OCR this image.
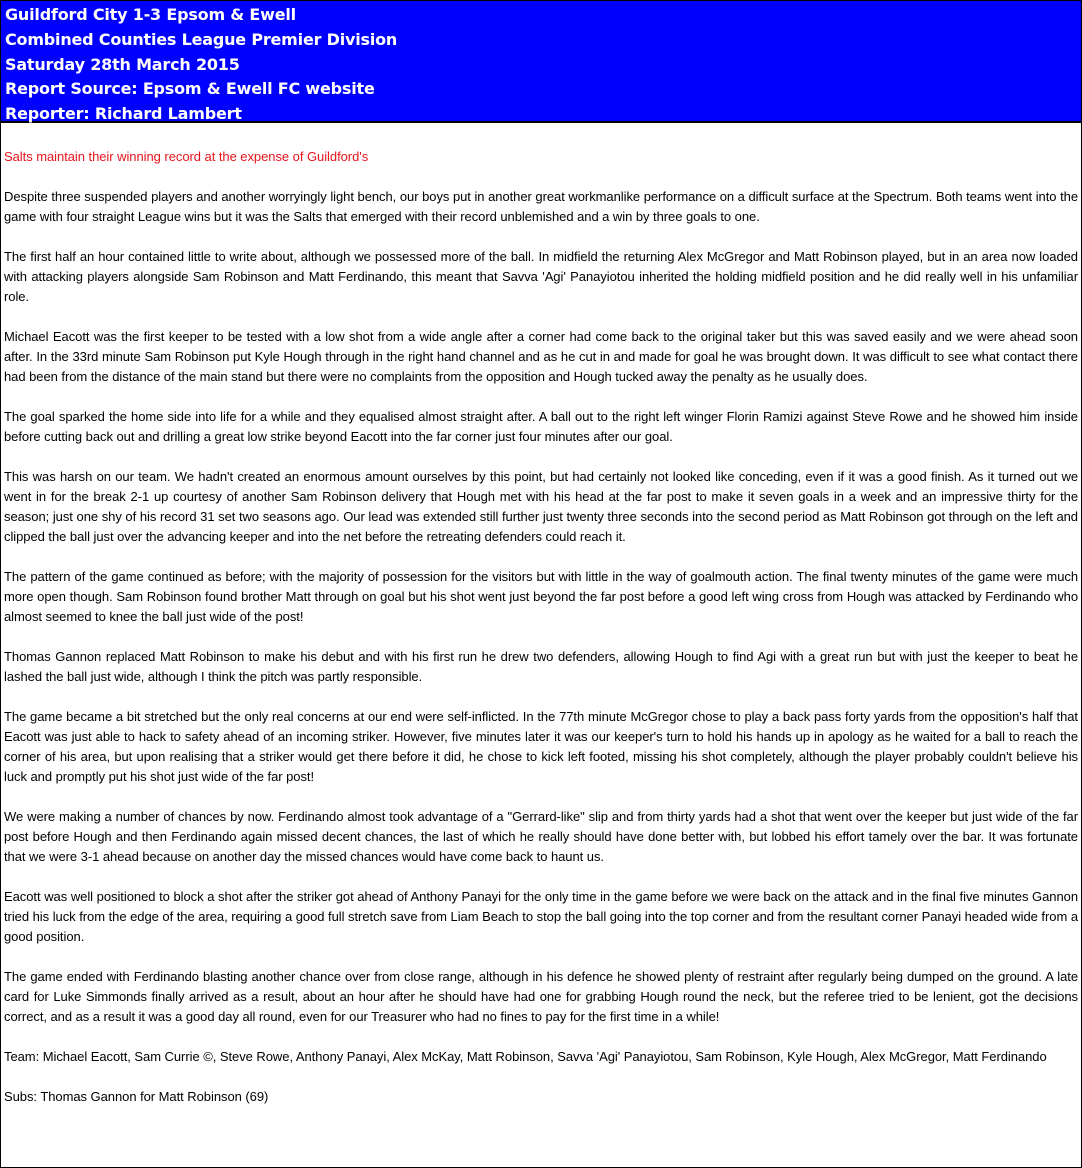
Guildford City 1-3 Epsom & Ewell
Combined Counties League Premier Division
Saturday 28th March 2015
Report Source: Epsom & Ewell FC website
Reporter: Richard Lambert

Salts maintain their winning record at the expense of Guildford's

Despite three suspended players and another worryingly light bench, our boys put in another great workmanlike performance on a difficult surface at the Spectrum. Both teams went into the game with four straight League wins but it was the Salts that emerged with their record unblemished and a win by three goals to one.

The first half an hour contained little to write about, although we possessed more of the ball. In midfield the returning Alex McGregor and Matt Robinson played, but in an area now loaded with attacking players alongside Sam Robinson and Matt Ferdinando, this meant that Savva 'Agi' Panayiotou inherited the holding midfield position and he did really well in his unfamiliar role.

Michael Eacott was the first keeper to be tested with a low shot from a wide angle after a corner had come back to the original taker but this was saved easily and we were ahead soon after. In the 33rd minute Sam Robinson put Kyle Hough through in the right hand channel and as he cut in and made for goal he was brought down. It was difficult to see what contact there had been from the distance of the main stand but there were no complaints from the opposition and Hough tucked away the penalty as he usually does.

The goal sparked the home side into life for a while and they equalised almost straight after. A ball out to the right left winger Florin Ramizi against Steve Rowe and he showed him inside before cutting back out and drilling a great low strike beyond Eacott into the far corner just four minutes after our goal.

This was harsh on our team. We hadn't created an enormous amount ourselves by this point, but had certainly not looked like conceding, even if it was a good finish. As it turned out we went in for the break 2-1 up courtesy of another Sam Robinson delivery that Hough met with his head at the far post to make it seven goals in a week and an impressive thirty for the season; just one shy of his record 31 set two seasons ago. Our lead was extended still further just twenty three seconds into the second period as Matt Robinson got through on the left and clipped the ball just over the advancing keeper and into the net before the retreating defenders could reach it.

The pattern of the game continued as before; with the majority of possession for the visitors but with little in the way of goalmouth action. The final twenty minutes of the game were much more open though. Sam Robinson found brother Matt through on goal but his shot went just beyond the far post before a good left wing cross from Hough was attacked by Ferdinando who almost seemed to knee the ball just wide of the post!

Thomas Gannon replaced Matt Robinson to make his debut and with his first run he drew two defenders, allowing Hough to find Agi with a great run but with just the keeper to beat he lashed the ball just wide, although I think the pitch was partly responsible.

The game became a bit stretched but the only real concerns at our end were self-inflicted. In the 77th minute McGregor chose to play a back pass forty yards from the opposition's half that Eacott was just able to hack to safety ahead of an incoming striker. However, five minutes later it was our keeper's turn to hold his hands up in apology as he waited for a ball to reach the corner of his area, but upon realising that a striker would get there before it did, he chose to kick left footed, missing his shot completely, although the player probably couldn't believe his luck and promptly put his shot just wide of the far post!

We were making a number of chances by now. Ferdinando almost took advantage of a "Gerrard-like" slip and from thirty yards had a shot that went over the keeper but just wide of the far post before Hough and then Ferdinando again missed decent chances, the last of which he really should have done better with, but lobbed his effort tamely over the bar. It was fortunate that we were 3-1 ahead because on another day the missed chances would have come back to haunt us.

Eacott was well positioned to block a shot after the striker got ahead of Anthony Panayi for the only time in the game before we were back on the attack and in the final five minutes Gannon tried his luck from the edge of the area, requiring a good full stretch save from Liam Beach to stop the ball going into the top corner and from the resultant corner Panayi headed wide from a good position.

The game ended with Ferdinando blasting another chance over from close range, although in his defence he showed plenty of restraint after regularly being dumped on the ground. A late card for Luke Simmonds finally arrived as a result, about an hour after he should have had one for grabbing Hough round the neck, but the referee tried to be lenient, got the decisions correct, and as a result it was a good day all round, even for our Treasurer who had no fines to pay for the first time in a while!

Team: Michael Eacott, Sam Currie ©, Steve Rowe, Anthony Panayi, Alex McKay, Matt Robinson, Savva 'Agi' Panayiotou, Sam Robinson, Kyle Hough, Alex McGregor, Matt Ferdinando

Subs: Thomas Gannon for Matt Robinson (69)
